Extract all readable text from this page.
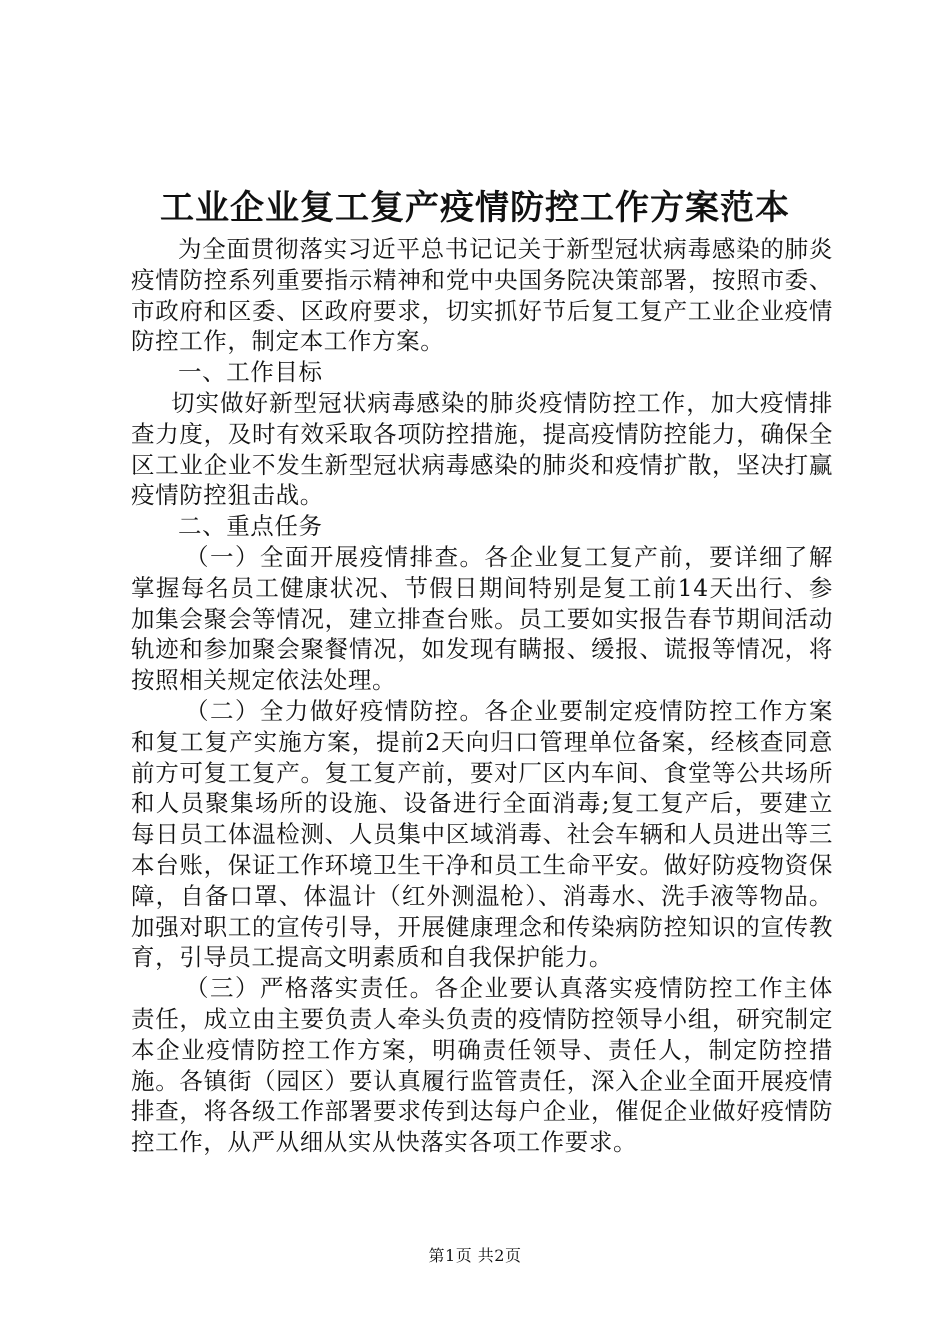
工业企业复工复产疫情防控工作方案范本

为全面贯彻落实习近平总书记记关于新型冠状病毒感染的肺炎疫情防控系列重要指示精神和党中央国务院决策部署，按照市委、市政府和区委、区政府要求，切实抓好节后复工复产工业企业疫情防控工作，制定本工作方案。

一、工作目标

切实做好新型冠状病毒感染的肺炎疫情防控工作，加大疫情排查力度，及时有效采取各项防控措施，提高疫情防控能力，确保全区工业企业不发生新型冠状病毒感染的肺炎和疫情扩散，坚决打赢疫情防控狙击战。

二、重点任务

（一）全面开展疫情排查。各企业复工复产前，要详细了解掌握每名员工健康状况、节假日期间特别是复工前14天出行、参加集会聚会等情况，建立排查台账。员工要如实报告春节期间活动轨迹和参加聚会聚餐情况，如发现有瞒报、缓报、谎报等情况，将按照相关规定依法处理。

（二）全力做好疫情防控。各企业要制定疫情防控工作方案和复工复产实施方案，提前2天向归口管理单位备案，经核查同意前方可复工复产。复工复产前，要对厂区内车间、食堂等公共场所和人员聚集场所的设施、设备进行全面消毒;复工复产后，要建立每日员工体温检测、人员集中区域消毒、社会车辆和人员进出等三本台账，保证工作环境卫生干净和员工生命平安。做好防疫物资保障，自备口罩、体温计（红外测温枪）、消毒水、洗手液等物品。加强对职工的宣传引导，开展健康理念和传染病防控知识的宣传教育，引导员工提高文明素质和自我保护能力。

（三）严格落实责任。各企业要认真落实疫情防控工作主体责任，成立由主要负责人牵头负责的疫情防控领导小组，研究制定本企业疫情防控工作方案，明确责任领导、责任人，制定防控措施。各镇街（园区）要认真履行监管责任，深入企业全面开展疫情排查，将各级工作部署要求传到达每户企业，催促企业做好疫情防控工作，从严从细从实从快落实各项工作要求。

第1页 共2页
